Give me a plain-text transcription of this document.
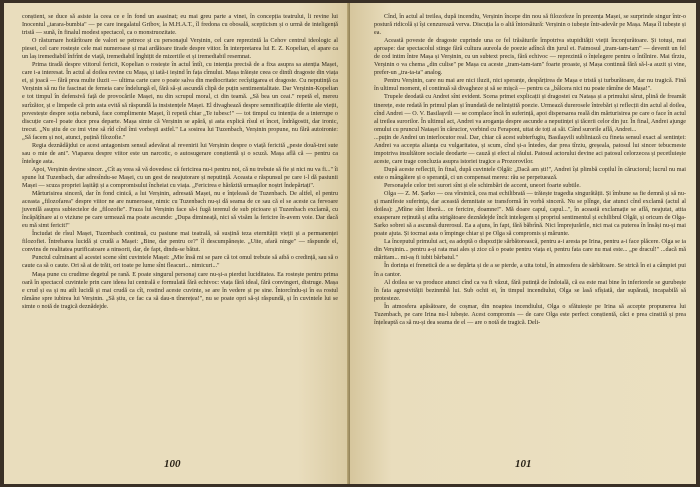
conștient, se duce să asiste la ceea ce e în fond un asasinat; eu mai greu parte a vinei, în concepția teatrului, li revine lui Inocentul „tarara-bumbia" — pe care inegalatul Gribov, la M.H.A.T., îl fredona cu obosală, scepticism și o urmă de inteligență tristă — sună, în finalul modest spectacol, ca o monstruozitate.

O răsturnare hotărîtoare de valori se petrece și cu personajul Verșinin, cel care reprezintă la Cehov centrul ideologic al piesei, cel care rostește cele mai numeroase și mai ardătoare tirade despre viitor. În interpretarea lui E. Z. Kopelian, el apare ca un laș iremediabil înfrînt de viață, iremediabil înghițit de mizeriile ei și iremediabil resemnat.

Prima tiradă despre viitorul fericit, Kopelian o rostește în actul întîi, cu intenția precisă de a fixa asupra sa atenția Mașei, care i-a interesat. În actul al doilea revine cu Mașa, și iată-i ieșind în fața cîmului. Mașa trăiește ceea ce dintîi dragoste din viața ei, și joacă — fără prea multe iluzii — ultima carte care o poate salva din mediocritate: recîștigarea ei dragoste. Cu neputință ca Verșinin să nu fie fascinat de femeia care îndelungă el, fără să-și ascundă clipă de puțin sentimentalitate. Dar Verșinin-Kopelian e tot timpul în defensivă față de provocările Mașei, nu din scrupul moral, ci din teamă. „Să bea un ceai." repetă el, mereu surîzător, și e limpede că prin asta evită să răspundă la insistențele Mașei. El divaghează despre semnificațiile diferite ale vieții, povestește despre soția nebună, face complimente Mașei, îi repetă chiar „Te iubesc!" — tot timpul cu intenția de a interrupe o discuție care-l poate duce prea departe. Mașa simte că Verșinin se apără, și asta explică rîsul ei încet, îndrăgostit, dar ironic, trecut. „Nu știu de ce imi vine să rîd cînd îmi vorbești astfel." La sosirea lui Tuzenbach, Verșinin propune, nu fără autoironie: „Să facem și noi, atunci, puțină filozofie."

Regia deznădăjdui ce acest antagonism sensul adevărat al revenirii lui Verșinin despre o viață fericită „peste două-trei sute sau o mie de ani". Viaparea despre viitor este un narcotic, o autosugerare conștientă și o scuză. Mașa află că — pentru ca întelege asta.

Apoi, Verșinin devine sincer. „Cît aș vrea să vă dovedesc că fericirea nu-i pentru noi, că nu trebuie să fie și nici nu va fi..." îi spune lui Tuzenbach, dar adresîndu-se Mașei, cu un gest de neajutorare și neputință. Aceasta e răspunsul pe care i-l dă pasiunii Mașei — scuza propriei lașități și a compromisului încheiat cu viața. „Fericirea e hărăzită urmașilor noștri îndepărtați".

Mărturisirea sinceră, dar în fond cinică, a lui Verșinin, adresată Mașei, nu e înțeleasă de Tuzenbach. De altfel, el pentru aceasta „filozofarea" despre viitor ne are numeroase, nimic cu Tuzenbach nu-și dă seama de ce sau că el se aceste ca fervoare juvenilă asupra subiectelor de „filozofie". Fraza lui Verșinin face să-i fugă terenul de sub picioare și Tuzenbach exclamă, cu încăpățînare ai o viziune pe care urmează ma poate ascunde: „Dupa dimineață, nici să visăm la fericire în-avem voie. Dar dacă eu mă simt fericit!"

Înciudat de rîsul Mașei, Tuzenbach continuă, cu pasiune mai teatrală, să susțină teza eternității vieții și a permanenței filozofiei. Întrebarea lucidă și crudă a Mașei: „Bine, dar pentru ce?" îl descumpănește. „Uite, afară ninge" — răspunde el, convins de realitatea purificatoare a ninsorii, dar, de fapt, dindu-se bătut.

Punctul culminant al acestei scene sînt cuvintele Mașei: „Mie însă mi se pare că tot omul trebuie să aibă o credință, sau să o caute ca să o caute. Ori să ai de trăit, ori toate pe lume sînt fleacuri... nimicuri..."

Mașa pune cu crudime degetul pe rană. E poate singurul personaj care nu-și-a pierdut luciditatea. Ea rostește pentru prima oară în spectacol cuvintele prin care ideea lui centrală e formulată fără echivoc: viața fără ideal, fără convingeri, distruge. Mașa e crud și ea și nu atît lucidă și mai crudă ca cît, rostind aceste cuvinte, se are în vedere și pe sine. Întorcîndu-și în ea rostul rămâne spre iubirea lui Verșinin. „Să știu, ce fac ca să dau-n tînerețea!", nu se poate opri să-și răspundă, și în cuvintele lui se simte o notă de tragică deznădejde.

100

Cînd, în actul al treilea, după incendiu, Verșinin începe din nou să filozofeze în prezența Mașei, se surprinde singur într-o postură ridicolă și își cenzurează verva. Discuția la o altă întorsătură: Verșinin o iubește într-adevăr pe Mașa. Mașa îl iubește și ea.

Această poveste de dragoste cuprinde una ce fel trăsăturile împotriva stupidității vieții înconjurătoare. Și totuși, mai aproape: dar spectacolul stinge fără cultura aureola de poezie adîncă din jurul ei. Faimosul „tram-tam-tam" — devenit un fel de cod intim între Mașa și Verșinin, cu un subtext precis, fără echivoc — reprezintă o înțelegere pentru o întîlnire. Mai tîrziu, Verșinin o va chema „din culise" pe Mașa cu aceste „tram-tam-tam" foarte proaste, și Mașa continuă fără să-l-a auzit și vine, prefer-un „tra-ta-ta" analog.

Pentru Verșinin, care nu mai are nici iluzii, nici speranțe, despărțirea de Mașa e tristă și turburătoare, dar nu tragică. Fină în ultimul moment, el continuă să divagheze și să se mișcă — pentru ca „bâlcera nici nu poate rămîne de Mașa!".

Trupele deodată cu Andrei sînt evident. Scena primei explicații și dragostei cu Natașa și a primului sărut, plină de freamăt tinerețe, este redată în primul plan și înundată de neliniștită poezie. Urmează durerosele întrebări și reflecții din actul al doilea, cînd Andrei — O. V. Basilașvili — se complace încă în suferință, apoi dispersarea reală din mărturisirea pe care o face în actul al treilea surorilor. În ultimul act, Andrei va aroganța despre ascunde a neputinței și tăcerii celor din jur. În final, Andrei ajunge omului cu pruncul Natașei în cărucior, vorbind cu Ferapont, uitat de toți ai săi. Când surorile află, Andrei...

...puțin de Andrei un interlocutor real. Dar, chiar că acest subterfugiu, Basilașvili subliniază cu fineta sensul exact al sentinței: Andrei va accepta alianța cu vulgaritatea, și scum, cînd și-a întedes, dar prea tîrziu, greșeala, patosul lui sincer tebucmeste impotriva insultătore sociale deodarte — cauză și efect al răului. Patosul actorului devine aci patosul celorzecea și pecetluiește aceste, care trage concluzia asupra istoriei tragice a Prozorovilor.

După aceste reflecții, în final, după cuvintele Olgăi: „Dacă am ști!", Andrei își plimbă copilul în căruciorul; lucrul nu mai este o mângâiere și o speranță, ci un compensat mereu: rău se perpetuează.

Personajele celor trei surori sînt și ele schimbări de accent, uneori foarte subtile.

Olga — Z. M. Șarko — cea vîrstnică, cea mai echilibrată — trăiește tragedia singurătății. Și îmbune sa fie demnă și să nu-și manifeste suferința, dar această demnitate se transformă în vorbă sinceră. Nu se plînge, dar atunci cînd exclamă (actul al doilea): „Mîine sînt liberă... ce fericire, doamne!". Mă doare capul, capul...", în această exclamație se află, neajutat, atita exasperare reținută și atîta strigătoare deznădejde încît intelegem și propriul sentimentul și echilibrul Olgăi, și oricum de Olga-Sarko sobrei să a ascunsă durerosul. Ea a ajuns, în fapt, fără băbrînă. Nici împrejurările, nici mai ca puterea în însăși nu-și mai poate ajuta. Și tocmai asta o împinge chiar și pe Olga să compromis și mărunte.

La începutul primului act, ea adoptă o dispoziție sărbătorească, pentru a-i aresta pe Irina, pentru a-i face plăcere. Olga se ia din Verșinin... pentru a-și rata mai ales și zice că o poate pentru viața ei, pentru fata care nu mai este... „pe dracul!" ...dacă mă măritam... mi-aș fi iubit bărbatul."

În dorința ei frenetică de a se depărta și de a se pierde, a uita totul, în atmosfera de sărbătoare. Se strică în ei a câmpiei pui în a cantor.

Al doilea se va produce atunci cînd ca va fi văzut, fără putință de îndoială, că ea este mai bine în inferiorele se gurubește în fata agresivității bezinmbă lui. Sub ochii ei, în timpul incendiului, Olga se lasă sfîșiată, dar supărată, incapabilă să protesteze.

În atmosfera apăsătoare, de coșmar, din noaptea incendiului, Olga o sfătuiește pe Irina să accepte propunerea lui Tuzenbach, pe care Irina nu-l iubește. Acest compromis — de care Olga este perfect conștientă, căci e prea cinstită și prea înțeleaptă ca să nu-și dea seama de el — are o notă de tragică. Deli-

101
